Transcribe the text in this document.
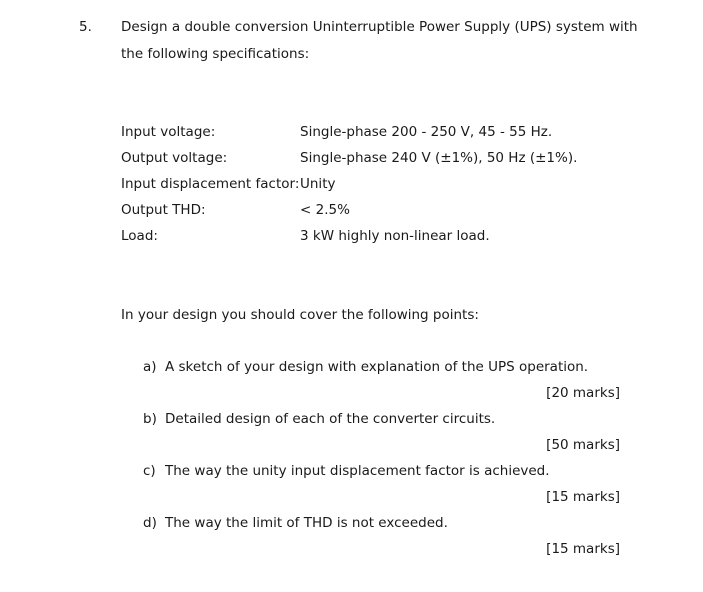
5. Design a double conversion Uninterruptible Power Supply (UPS) system with
the following specifications:
Input voltage:	Single-phase 200 - 250 V, 45 - 55 Hz.
Output voltage:	Single-phase 240 V (±1%), 50 Hz (±1%).
Input displacement factor: Unity
Output THD:	< 2.5%
Load:	3 kW highly non-linear load.
In your design you should cover the following points:
a) A sketch of your design with explanation of the UPS operation.
[20 marks]
b) Detailed design of each of the converter circuits.
[50 marks]
c) The way the unity input displacement factor is achieved.
[15 marks]
d) The way the limit of THD is not exceeded.
[15 marks]
